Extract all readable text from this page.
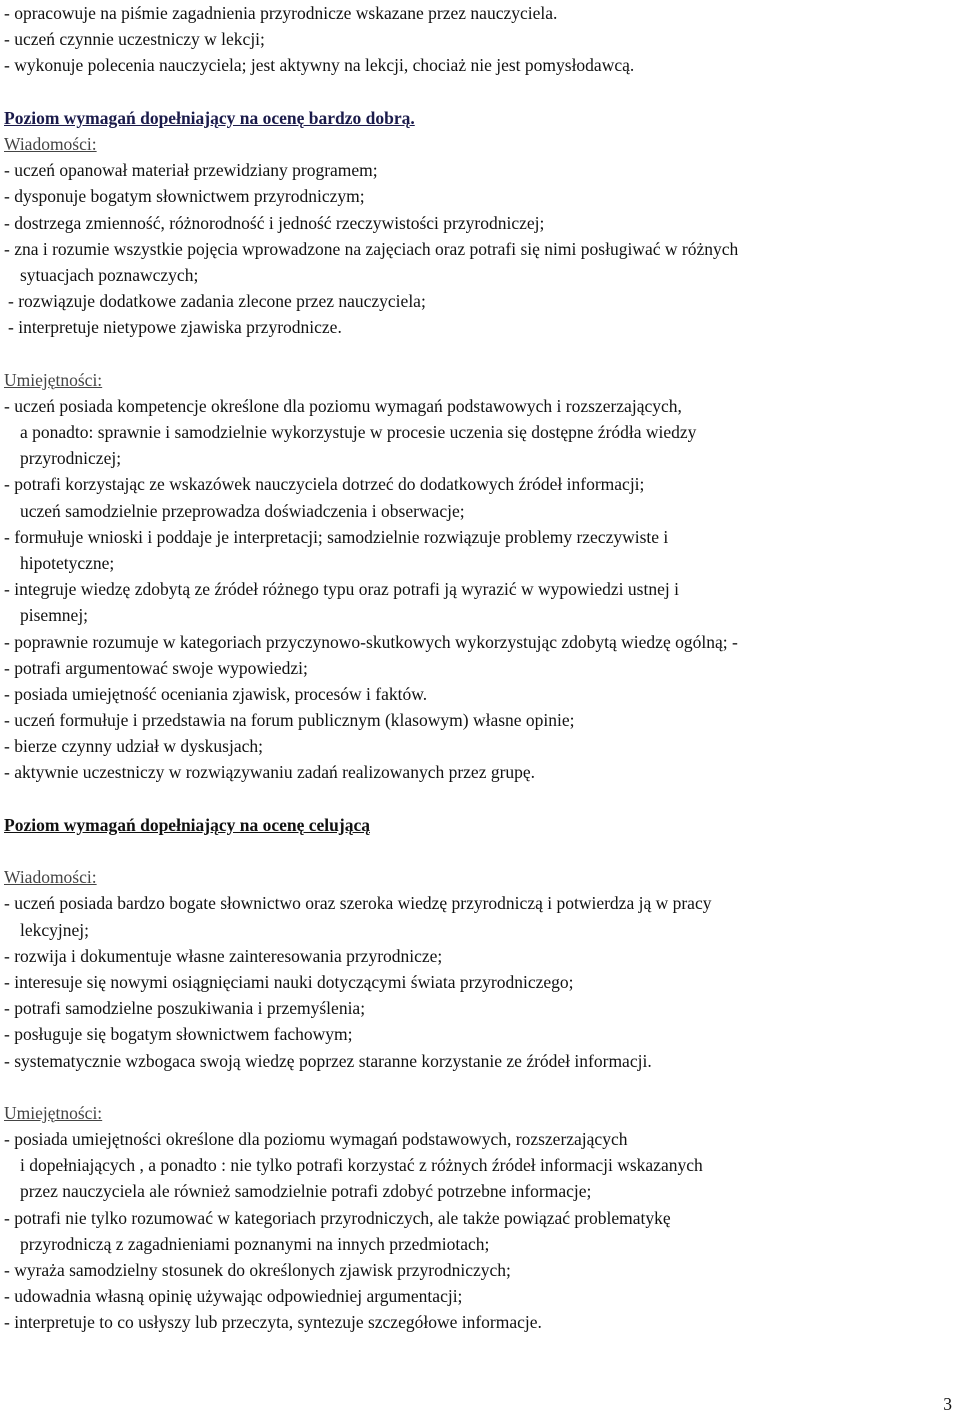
- opracowuje na piśmie zagadnienia przyrodnicze wskazane przez nauczyciela.
- uczeń czynnie uczestniczy w lekcji;
- wykonuje polecenia nauczyciela; jest aktywny na lekcji, chociaż nie jest pomysłodawcą.
Poziom wymagań dopełniający na ocenę bardzo dobrą.
Wiadomości:
- uczeń opanował materiał przewidziany programem;
- dysponuje bogatym słownictwem przyrodniczym;
- dostrzega zmienność, różnorodność i jedność rzeczywistości przyrodniczej;
- zna i rozumie wszystkie pojęcia wprowadzone na zajęciach oraz potrafi się nimi posługiwać w różnych
sytuacjach poznawczych;
- rozwiązuje dodatkowe zadania zlecone przez nauczyciela;
- interpretuje nietypowe zjawiska przyrodnicze.
Umiejętności:
- uczeń posiada kompetencje określone dla poziomu wymagań podstawowych i rozszerzających,
a ponadto: sprawnie i samodzielnie wykorzystuje w procesie uczenia się dostępne źródła wiedzy
przyrodniczej;
- potrafi korzystając ze wskazówek nauczyciela dotrzeć do dodatkowych źródeł informacji;
uczeń samodzielnie przeprowadza doświadczenia i obserwacje;
- formułuje wnioski i poddaje je interpretacji; samodzielnie rozwiązuje problemy rzeczywiste i
hipotetyczne;
- integruje wiedzę zdobytą ze źródeł różnego typu oraz potrafi ją wyrazić w wypowiedzi ustnej i
pisemnej;
- poprawnie rozumuje w kategoriach przyczynowo-skutkowych wykorzystując zdobytą wiedzę ogólną; -
- potrafi argumentować swoje wypowiedzi;
- posiada umiejętność oceniania zjawisk, procesów i faktów.
- uczeń formułuje i przedstawia na forum publicznym (klasowym) własne opinie;
- bierze czynny udział w dyskusjach;
- aktywnie uczestniczy w rozwiązywaniu zadań realizowanych przez grupę.
Poziom wymagań dopełniający na ocenę celującą
Wiadomości:
- uczeń posiada bardzo bogate słownictwo oraz szeroka wiedzę przyrodniczą i potwierdza ją w pracy
lekcyjnej;
- rozwija i dokumentuje własne zainteresowania przyrodnicze;
- interesuje się nowymi osiągnięciami nauki dotyczącymi świata przyrodniczego;
- potrafi samodzielne poszukiwania i przemyślenia;
- posługuje się bogatym słownictwem fachowym;
- systematycznie wzbogaca swoją wiedzę poprzez staranne korzystanie ze źródeł informacji.
Umiejętności:
- posiada umiejętności określone dla poziomu wymagań podstawowych, rozszerzających
i dopełniających , a ponadto : nie tylko potrafi korzystać z różnych źródeł informacji wskazanych
przez nauczyciela ale również samodzielnie potrafi zdobyć potrzebne informacje;
- potrafi nie tylko rozumować w kategoriach przyrodniczych, ale także powiązać problematykę
przyrodniczą z zagadnieniami poznanymi na innych przedmiotach;
- wyraża samodzielny stosunek do określonych zjawisk przyrodniczych;
- udowadnia własną opinię używając odpowiedniej argumentacji;
- interpretuje to co usłyszy lub przeczyta, syntezuje szczegółowe informacje.
3
